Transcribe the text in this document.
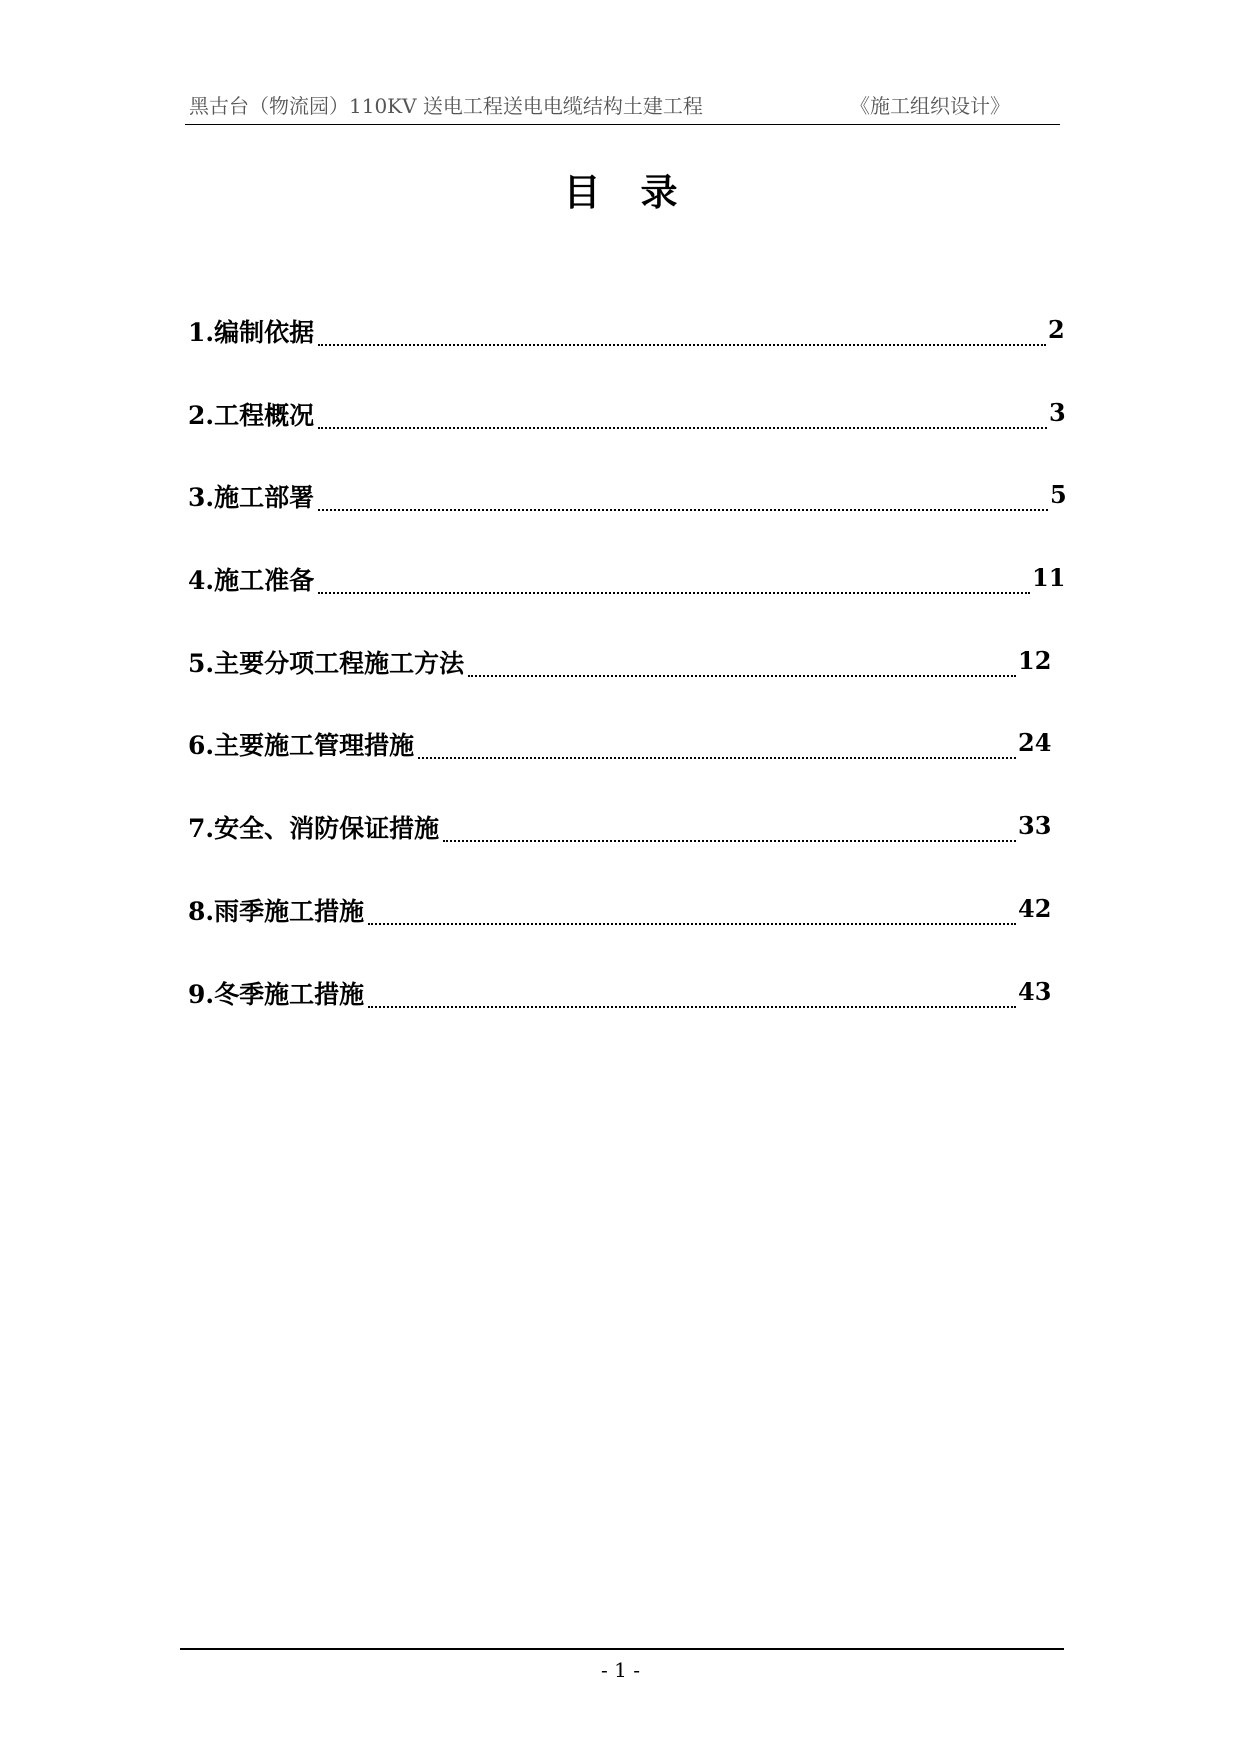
黑古台（物流园）110KV 送电工程送电电缆结构土建工程	《施工组织设计》
目录
1.编制依据	2
2.工程概况	3
3.施工部署	5
4.施工准备	11
5.主要分项工程施工方法	12
6.主要施工管理措施	24
7.安全、消防保证措施	33
8.雨季施工措施	42
9.冬季施工措施	43
- 1 -
